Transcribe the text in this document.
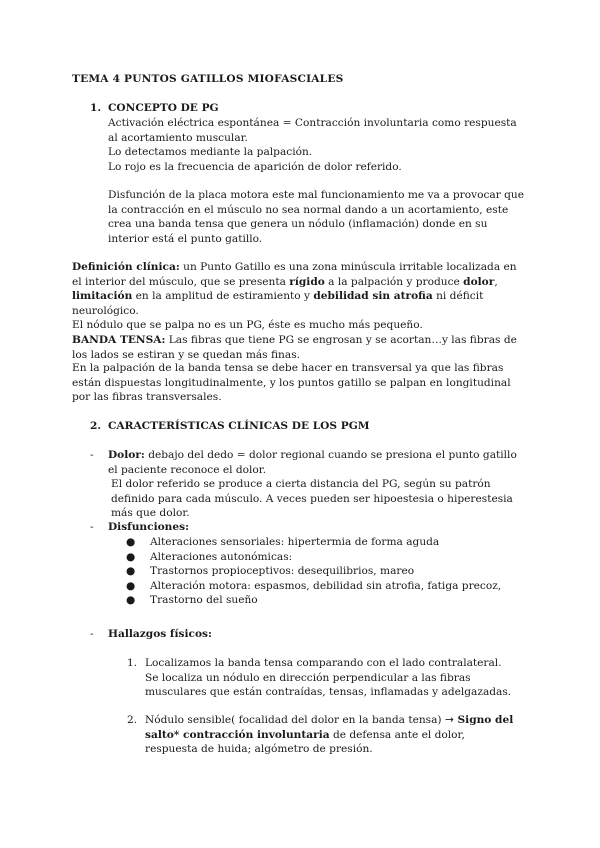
TEMA 4 PUNTOS GATILLOS MIOFASCIALES
1. CONCEPTO DE PG

Activación eléctrica espontánea = Contracción involuntaria como respuesta al acortamiento muscular.

Lo detectamos mediante la palpación.

Lo rojo es la frecuencia de aparición de dolor referido.

Disfunción de la placa motora este mal funcionamiento me va a provocar que la contracción en el músculo no sea normal dando a un acortamiento, este crea una banda tensa que genera un nódulo (inflamación) donde en su interior está el punto gatillo.

Definición clínica: un Punto Gatillo es una zona minúscula irritable localizada en el interior del músculo, que se presenta rígido a la palpación y produce dolor, limitación en la amplitud de estiramiento y debilidad sin atrofia ni déficit neurológico.

El nódulo que se palpa no es un PG, éste es mucho más pequeño.

BANDA TENSA: Las fibras que tiene PG se engrosan y se acortan…y las fibras de los lados se estiran y se quedan más finas.

En la palpación de la banda tensa se debe hacer en transversal ya que las fibras están dispuestas longitudinalmente, y los puntos gatillo se palpan en longitudinal por las fibras transversales.
2. CARACTERÍSTICAS CLÍNICAS DE LOS PGM
- Dolor: debajo del dedo = dolor regional cuando se presiona el punto gatillo el paciente reconoce el dolor.

El dolor referido se produce a cierta distancia del PG, según su patrón definido para cada músculo. A veces pueden ser hipoestesia o hiperestesia más que dolor.

- Disfunciones:
● Alteraciones sensoriales: hipertermia de forma aguda
● Alteraciones autonómicas:
● Trastornos propioceptivos: desequilibrios, mareo
● Alteración motora: espasmos, debilidad sin atrofia, fatiga precoz,
● Trastorno del sueño
- Hallazgos físicos:
1. Localizamos la banda tensa comparando con el lado contralateral. Se localiza un nódulo en dirección perpendicular a las fibras musculares que están contraídas, tensas, inflamadas y adelgazadas.
2. Nódulo sensible( focalidad del dolor en la banda tensa) → Signo del salto* contracción involuntaria de defensa ante el dolor, respuesta de huida; algómetro de presión.
